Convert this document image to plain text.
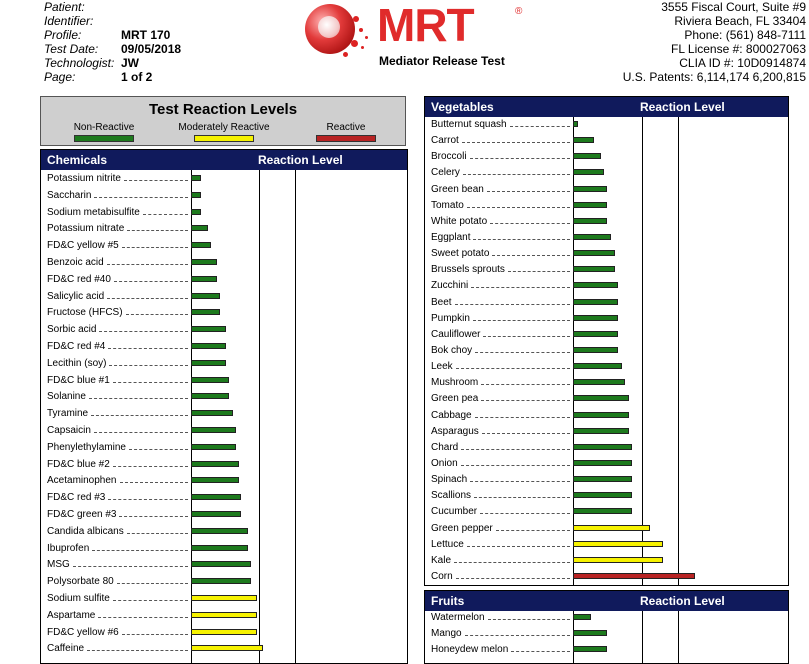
Patient:
Identifier:
Profile:	MRT 170
Test Date:	09/05/2018
Technologist: JW
Page:	1 of 2
MRT	®
Mediator Release Test
3555 Fiscal Court, Suite #9
Riviera Beach, FL 33404
Phone: (561) 848-7111
FL License #: 800027063
CLIA ID #: 10D0914874
U.S. Patents: 6,114,174 6,200,815
Test Reaction Levels
Non-Reactive	Moderately Reactive	Reactive
Chemicals	Reaction Level
Potassium nitrite
Saccharin
Sodium metabisulfite
Potassium nitrate
FD&C yellow #5
Benzoic acid
FD&C red #40
Salicylic acid
Fructose (HFCS)
Sorbic acid
FD&C red #4
Lecithin (soy)
FD&C blue #1
Solanine
Tyramine
Capsaicin
Phenylethylamine
FD&C blue #2
Acetaminophen
FD&C red #3
FD&C green #3
Candida albicans
Ibuprofen
MSG
Polysorbate 80
Sodium sulfite
Aspartame
FD&C yellow #6
Caffeine
Vegetables	Reaction Level
Butternut squash
Carrot
Broccoli
Celery
Green bean
Tomato
White potato
Eggplant
Sweet potato
Brussels sprouts
Zucchini
Beet
Pumpkin
Cauliflower
Bok choy
Leek
Mushroom
Green pea
Cabbage
Asparagus
Chard
Onion
Spinach
Scallions
Cucumber
Green pepper
Lettuce
Kale
Corn
Fruits	Reaction Level
Watermelon
Mango
Honeydew melon
